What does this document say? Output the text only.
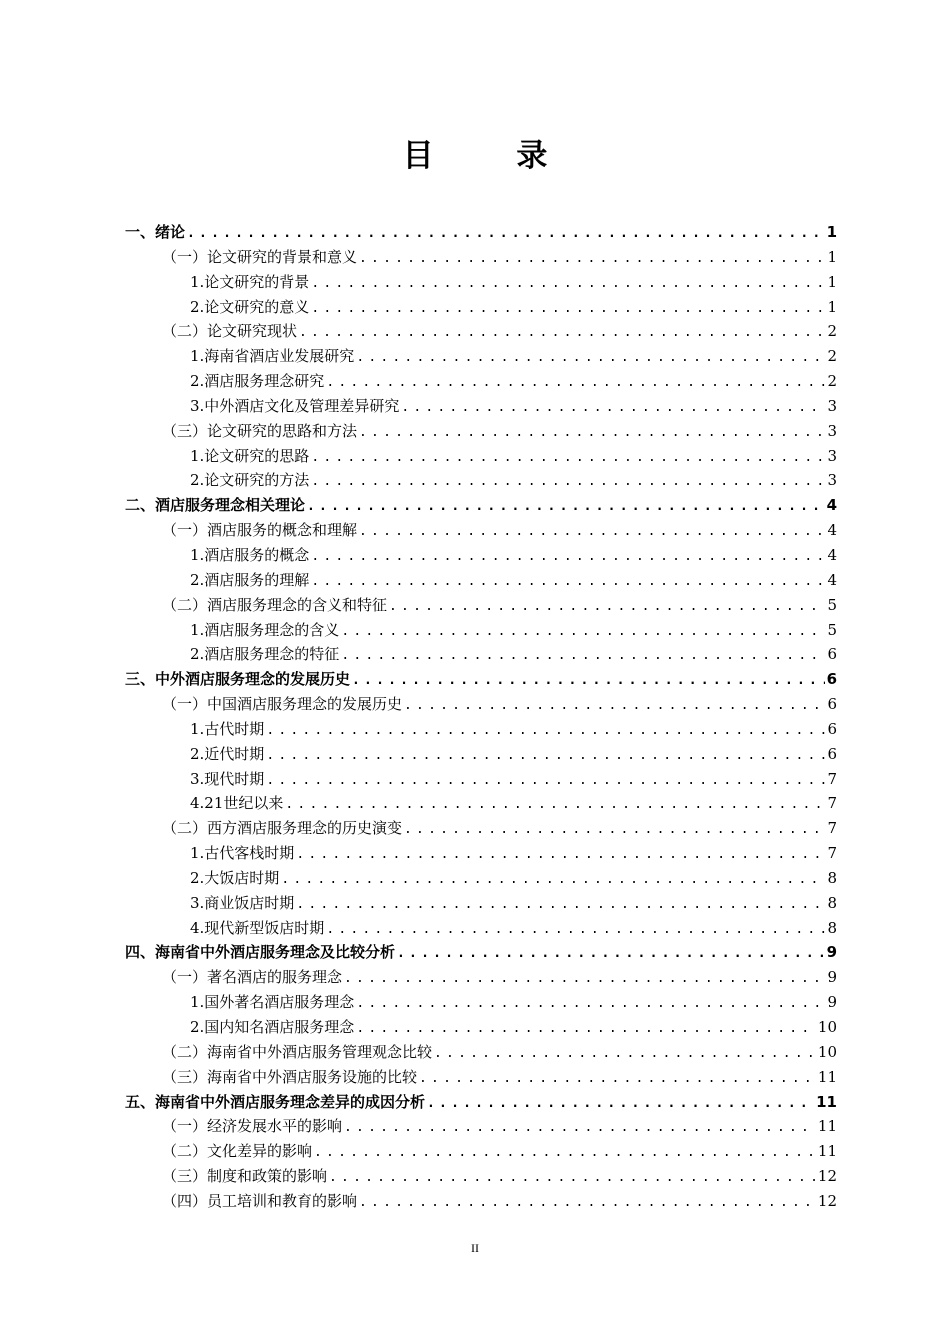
目 录
一、绪论 .....	1
（一）论文研究的背景和意义 .....	1
1.论文研究的背景 .....	1
2.论文研究的意义 .....	1
（二）论文研究现状 .....	2
1.海南省酒店业发展研究 .....	2
2.酒店服务理念研究 .....	2
3.中外酒店文化及管理差异研究 .....	3
（三）论文研究的思路和方法 .....	3
1.论文研究的思路 .....	3
2.论文研究的方法 .....	3
二、酒店服务理念相关理论 .....	4
（一）酒店服务的概念和理解 .....	4
1.酒店服务的概念 .....	4
2.酒店服务的理解 .....	4
（二）酒店服务理念的含义和特征 .....	5
1.酒店服务理念的含义 .....	5
2.酒店服务理念的特征 .....	6
三、中外酒店服务理念的发展历史 .....	6
（一）中国酒店服务理念的发展历史 .....	6
1.古代时期 .....	6
2.近代时期 .....	6
3.现代时期 .....	7
4.21世纪以来 .....	7
（二）西方酒店服务理念的历史演变 .....	7
1.古代客栈时期 .....	7
2.大饭店时期 .....	8
3.商业饭店时期 .....	8
4.现代新型饭店时期 .....	8
四、海南省中外酒店服务理念及比较分析 .....	9
（一）著名酒店的服务理念 .....	9
1.国外著名酒店服务理念 .....	9
2.国内知名酒店服务理念 .....	10
（二）海南省中外酒店服务管理观念比较 .....	10
（三）海南省中外酒店服务设施的比较 .....	11
五、海南省中外酒店服务理念差异的成因分析 .....	11
（一）经济发展水平的影响 .....	11
（二）文化差异的影响 .....	11
（三）制度和政策的影响 .....	12
（四）员工培训和教育的影响 .....	12
II
